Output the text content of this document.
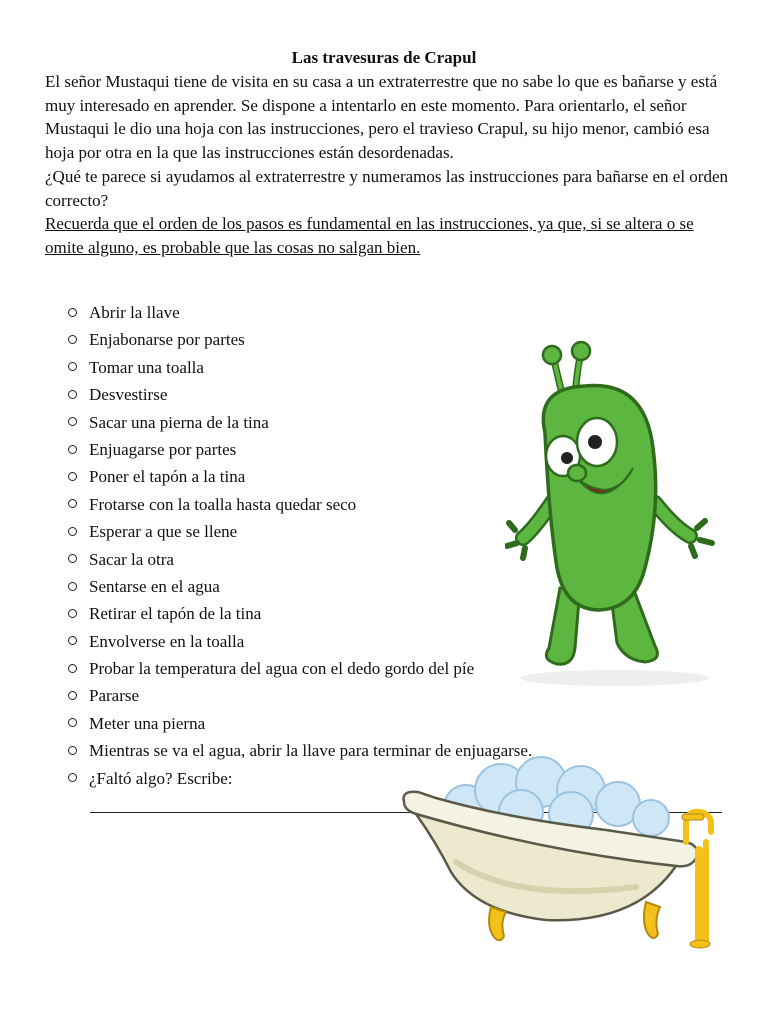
Las travesuras de Crapul

El señor Mustaqui tiene de visita en su casa a un extraterrestre que no sabe lo que es bañarse y está muy interesado en aprender. Se dispone a intentarlo en este momento. Para orientarlo, el señor Mustaqui le dio una hoja con las instrucciones, pero el travieso Crapul, su hijo menor, cambió esa hoja por otra en la que las instrucciones están desordenadas.

¿Qué te parece si ayudamos al extraterrestre y numeramos las instrucciones para bañarse en el orden correcto?

Recuerda que el orden de los pasos es fundamental en las instrucciones, ya que, si se altera o se omite alguno, es probable que las cosas no salgan bien.

Abrir la llave
Enjabonarse por partes
Tomar una toalla
Desvestirse
Sacar una pierna de la tina
Enjuagarse por partes
Poner el tapón a la tina
Frotarse con la toalla hasta quedar seco
Esperar a que se llene
Sacar la otra
Sentarse en el agua
Retirar el tapón de la tina
Envolverse en la toalla
Probar la temperatura del agua con el dedo gordo del píe
Pararse
Meter una pierna
Mientras se va el agua, abrir la llave para terminar de enjuagarse.
¿Faltó algo? Escribe:
